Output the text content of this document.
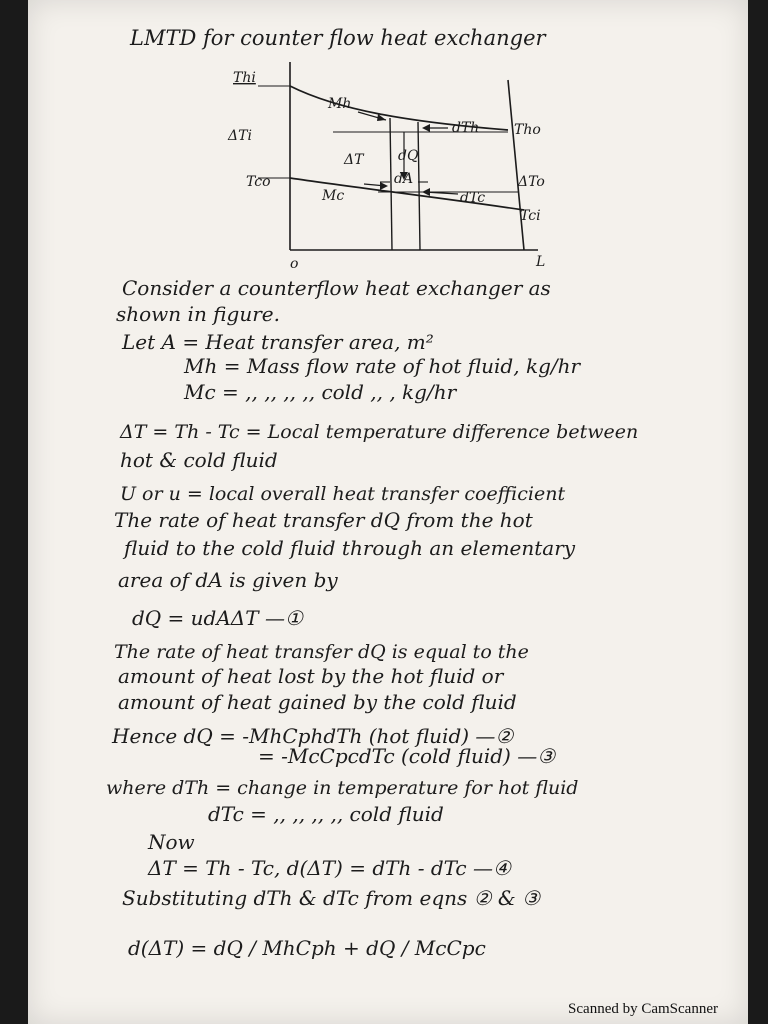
LMTD for counter flow heat exchanger
Thi
ΔTi
Tco
Mh
ΔT dQ
dA
dTh Tho
Mc	dTc
ΔTo
Tci
o	L
Consider a counterflow heat exchanger as
shown in figure.
Let A = Heat transfer area, m²
Mh = Mass flow rate of hot fluid, kg/hr
Mc = ,, ,, ,, ,, cold ,, , kg/hr
ΔT = Th - Tc = Local temperature difference between
hot & cold fluid
U or u = local overall heat transfer coefficient
The rate of heat transfer dQ from the hot
fluid to the cold fluid through an elementary
area of dA is given by
dQ = udAΔT —①
The rate of heat transfer dQ is equal to the
amount of heat lost by the hot fluid or
amount of heat gained by the cold fluid
Hence dQ = -MhCphdTh (hot fluid) —②
= -McCpcdTc (cold fluid) —③
where dTh = change in temperature for hot fluid
dTc = ,, ,, ,, ,, cold fluid
Now
ΔT = Th - Tc, d(ΔT) = dTh - dTc —④
Substituting dTh & dTc from eqns ② & ③
d(ΔT) = dQ / MhCph + dQ / McCpc
Scanned by CamScanner
